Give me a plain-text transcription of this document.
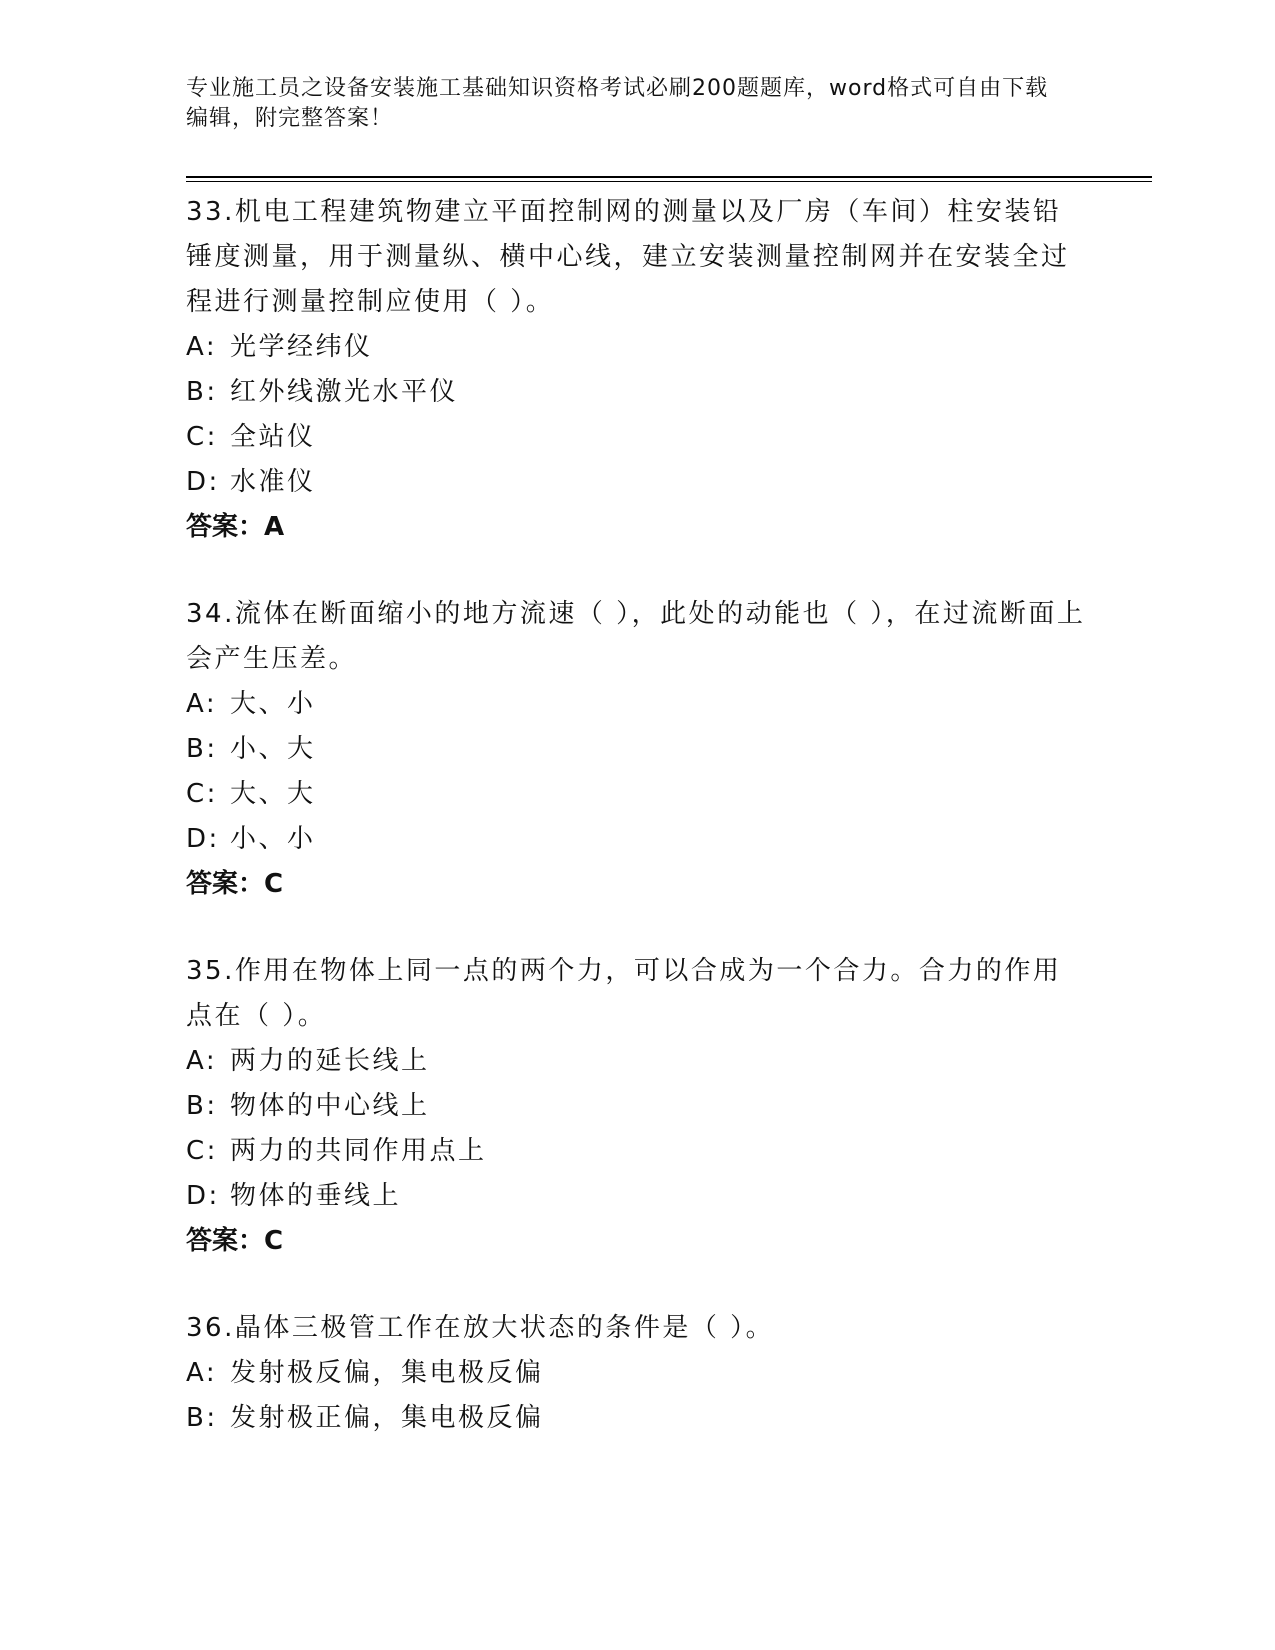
专业施工员之设备安装施工基础知识资格考试必刷200题题库，word格式可自由下载编辑，附完整答案！

33.机电工程建筑物建立平面控制网的测量以及厂房（车间）柱安装铅锤度测量，用于测量纵、横中心线，建立安装测量控制网并在安装全过程进行测量控制应使用（ ）。

A: 光学经纬仪

B: 红外线激光水平仪

C: 全站仪

D: 水准仪

答案：A

34.流体在断面缩小的地方流速（ ），此处的动能也（ ），在过流断面上会产生压差。

A: 大、小

B: 小、大

C: 大、大

D: 小、小

答案：C

35.作用在物体上同一点的两个力，可以合成为一个合力。合力的作用点在（ ）。

A: 两力的延长线上

B: 物体的中心线上

C: 两力的共同作用点上

D: 物体的垂线上

答案：C

36.晶体三极管工作在放大状态的条件是（ ）。

A: 发射极反偏，集电极反偏

B: 发射极正偏，集电极反偏
